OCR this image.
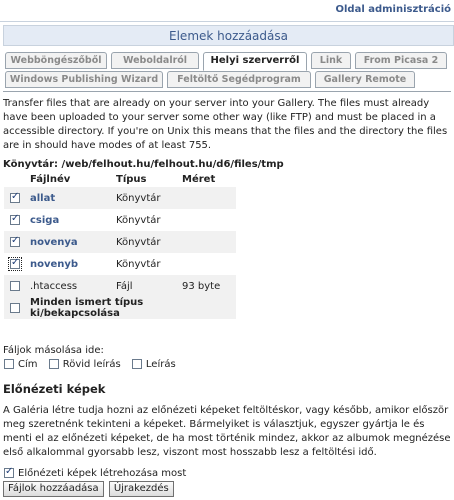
Oldal adminisztráció
Elemek hozzáadása
Webböngészőből	Weboldalról	Helyi szerverről	Link	From Picasa 2
Windows Publishing Wizard	Feltöltő Segédprogram	Gallery Remote
Transfer files that are already on your server into your Gallery. The files must already have been uploaded to your server some other way (like FTP) and must be placed in a accessible directory. If you're on Unix this means that the files and the directory the files are in should have modes of at least 755.
Könyvtár: /web/felhout.hu/felhout.hu/d6/files/tmp
	Fájlnév	Típus	Méret
✓	allat	Könyvtár	
✓	csiga	Könyvtár	
✓	novenya	Könyvtár	
✓	novenyb	Könyvtár	
	.htaccess	Fájl	93 byte
	Minden ismert típus ki/bekapcsolása		
Fáljok másolása ide:
Cím	Rövid leírás	Leírás
Előnézeti képek
A Galéria létre tudja hozni az előnézeti képeket feltöltéskor, vagy később, amikor először meg szeretnénk tekinteni a képeket. Bármelyiket is választjuk, egyszer gyártja le és menti el az előnézeti képeket, de ha most történik mindez, akkor az albumok megnézése első alkalommal gyorsabb lesz, viszont most hosszabb lesz a feltöltési idő.
✓Előnézeti képek létrehozása most
Fájlok hozzáadása Újrakezdés
